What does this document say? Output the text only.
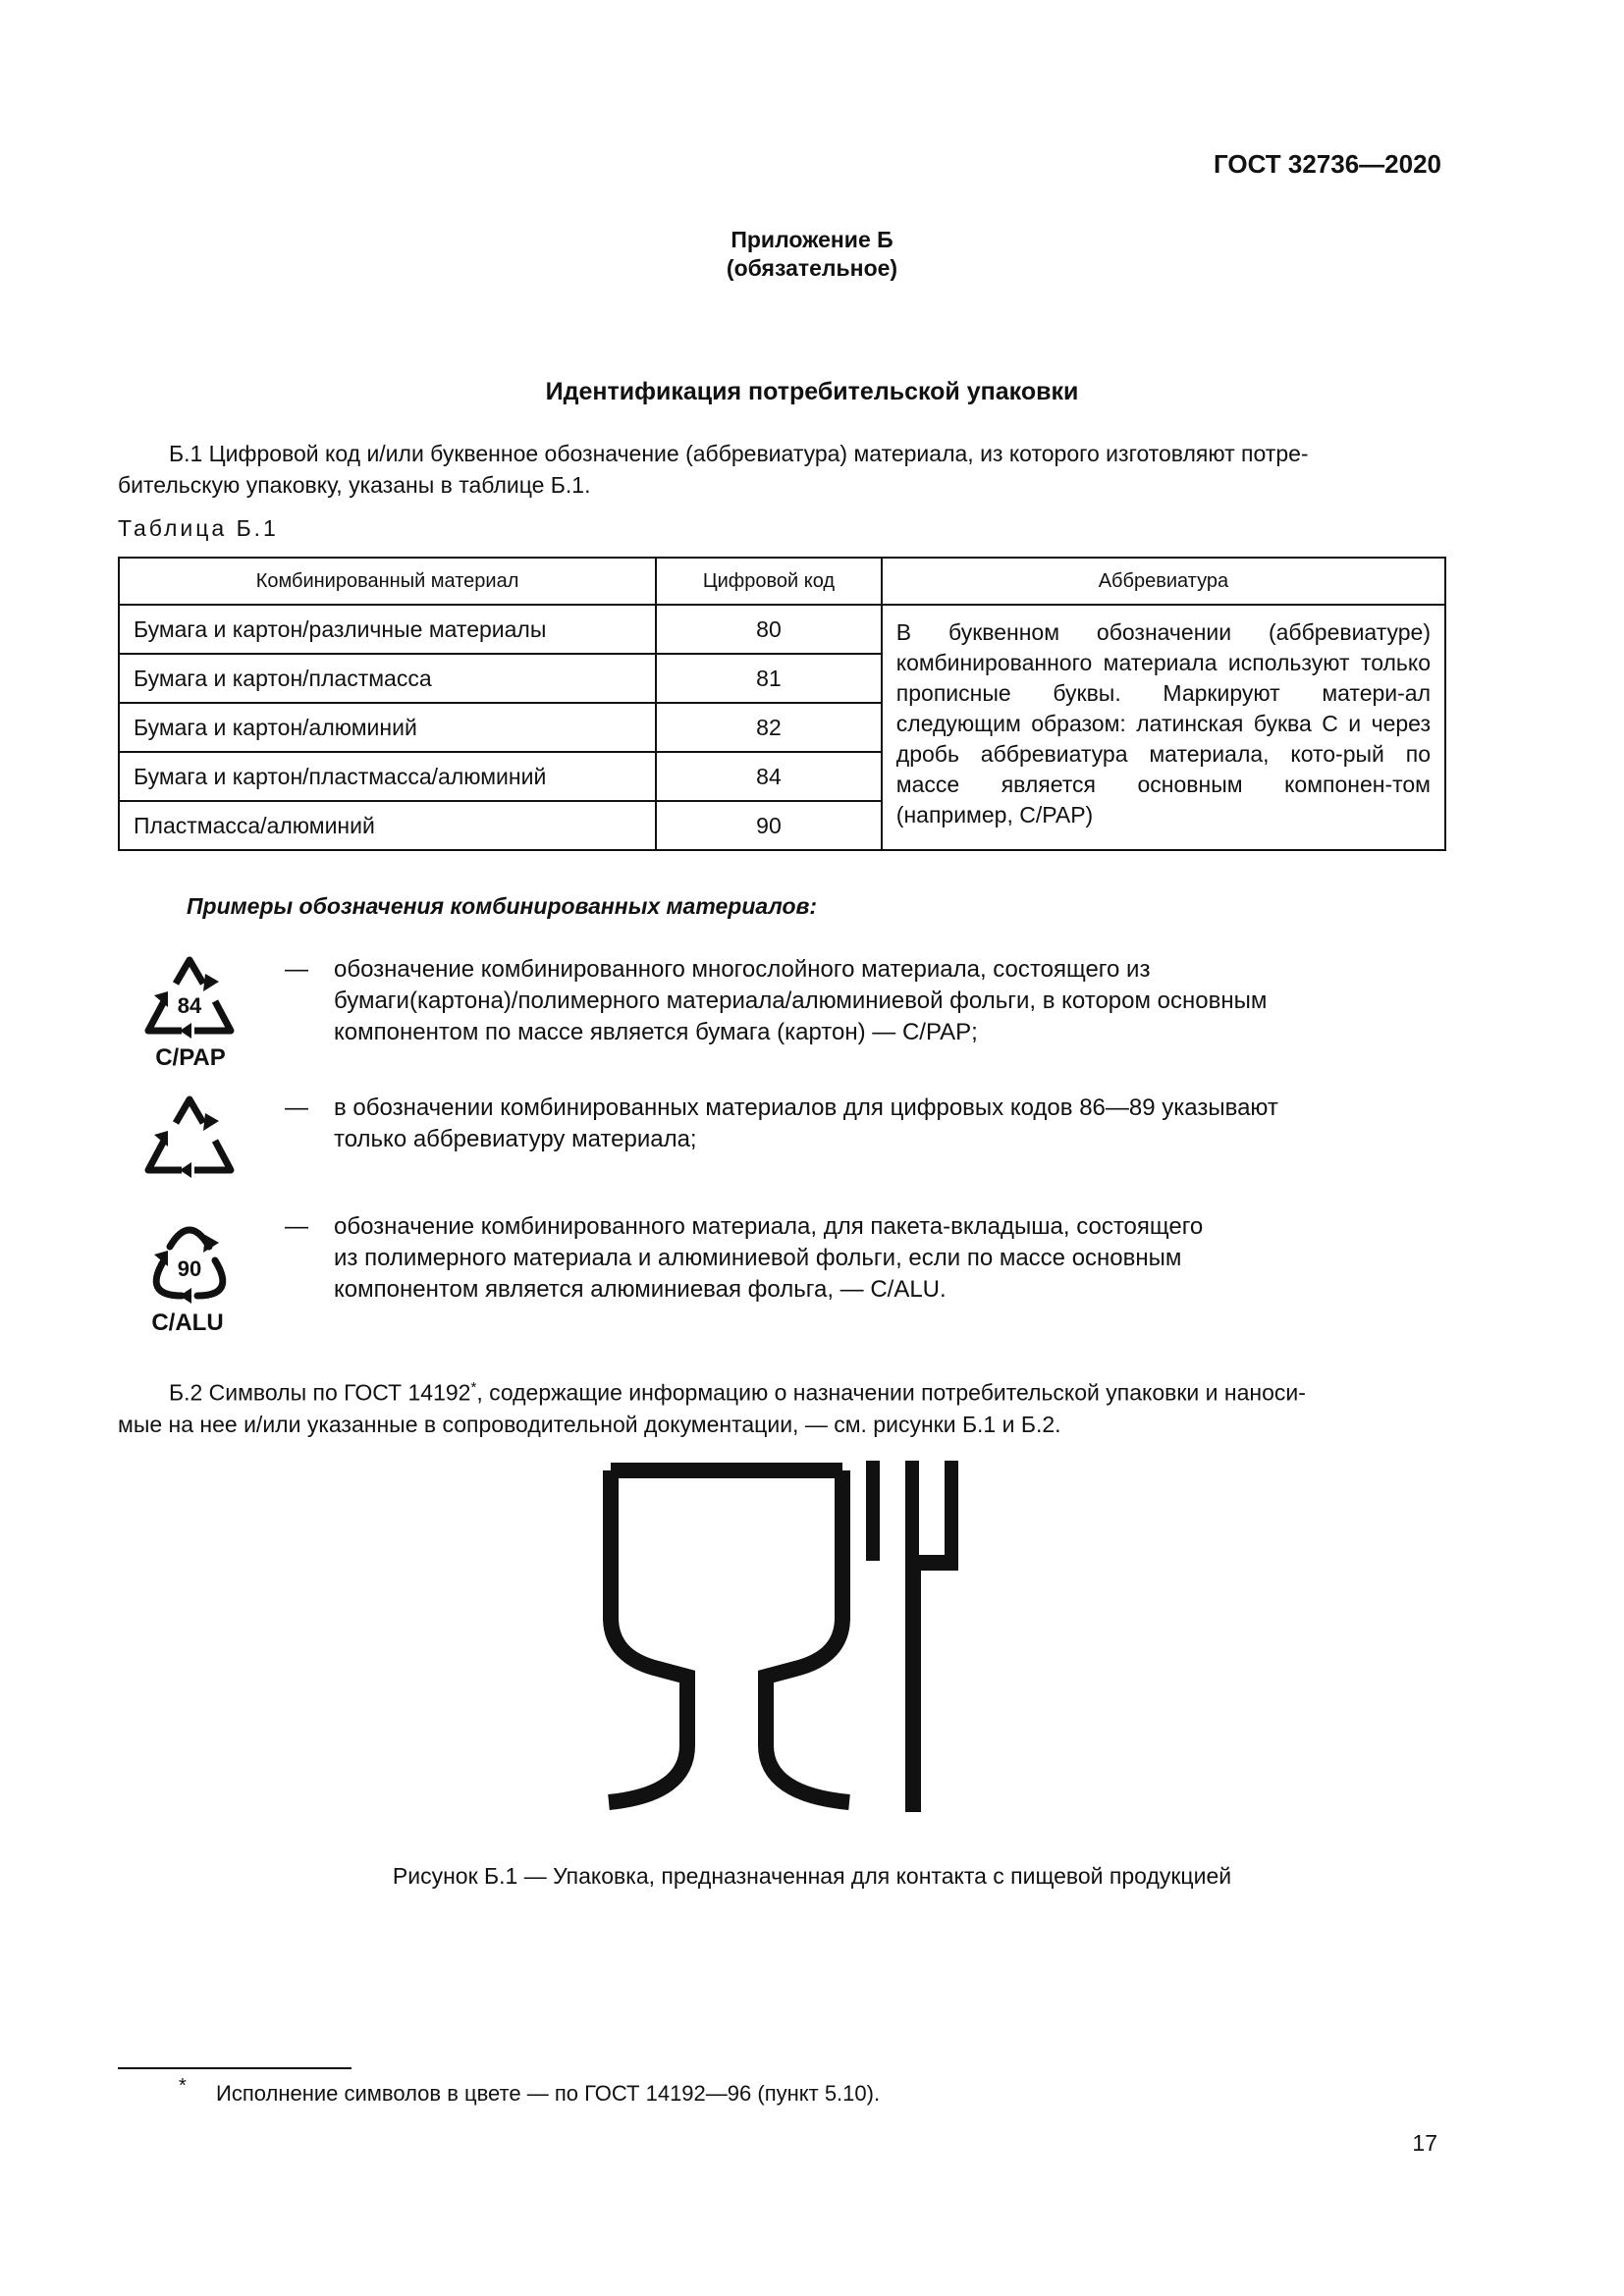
ГОСТ 32736—2020
Приложение Б
(обязательное)
Идентификация потребительской упаковки
Б.1 Цифровой код и/или буквенное обозначение (аббревиатура) материала, из которого изготовляют потре-
бительскую упаковку, указаны в таблице Б.1.
Таблица Б.1
Комбинированный материал	Цифровой код	Аббревиатура
Бумага и картон/различные материалы	80	В буквенном обозначении (аббревиатуре) комбинированного материала используют только прописные буквы. Маркируют матери-ал следующим образом: латинская буква С и через дробь аббревиатура материала, кото-рый по массе является основным компонен-том (например, C/PAP)
Бумага и картон/пластмасса	81	
Бумага и картон/алюминий	82	
Бумага и картон/пластмасса/алюминий	84	
Пластмасса/алюминий	90	
Примеры обозначения комбинированных материалов:
84
C/PAP
— обозначение комбинированного многослойного материала, состоящего из
бумаги(картона)/полимерного материала/алюминиевой фольги, в котором основным
компонентом по массе является бумага (картон) — C/PAP;
— в обозначении комбинированных материалов для цифровых кодов 86—89 указывают
только аббревиатуру материала;
90
C/ALU
— обозначение комбинированного материала, для пакета-вкладыша, состоящего
из полимерного материала и алюминиевой фольги, если по массе основным
компонентом является алюминиевая фольга, — C/ALU.
Б.2 Символы по ГОСТ 14192*, содержащие информацию о назначении потребительской упаковки и наноси-
мые на нее и/или указанные в сопроводительной документации, — см. рисунки Б.1 и Б.2.
Рисунок Б.1 — Упаковка, предназначенная для контакта с пищевой продукцией
* Исполнение символов в цвете — по ГОСТ 14192—96 (пункт 5.10).
17
